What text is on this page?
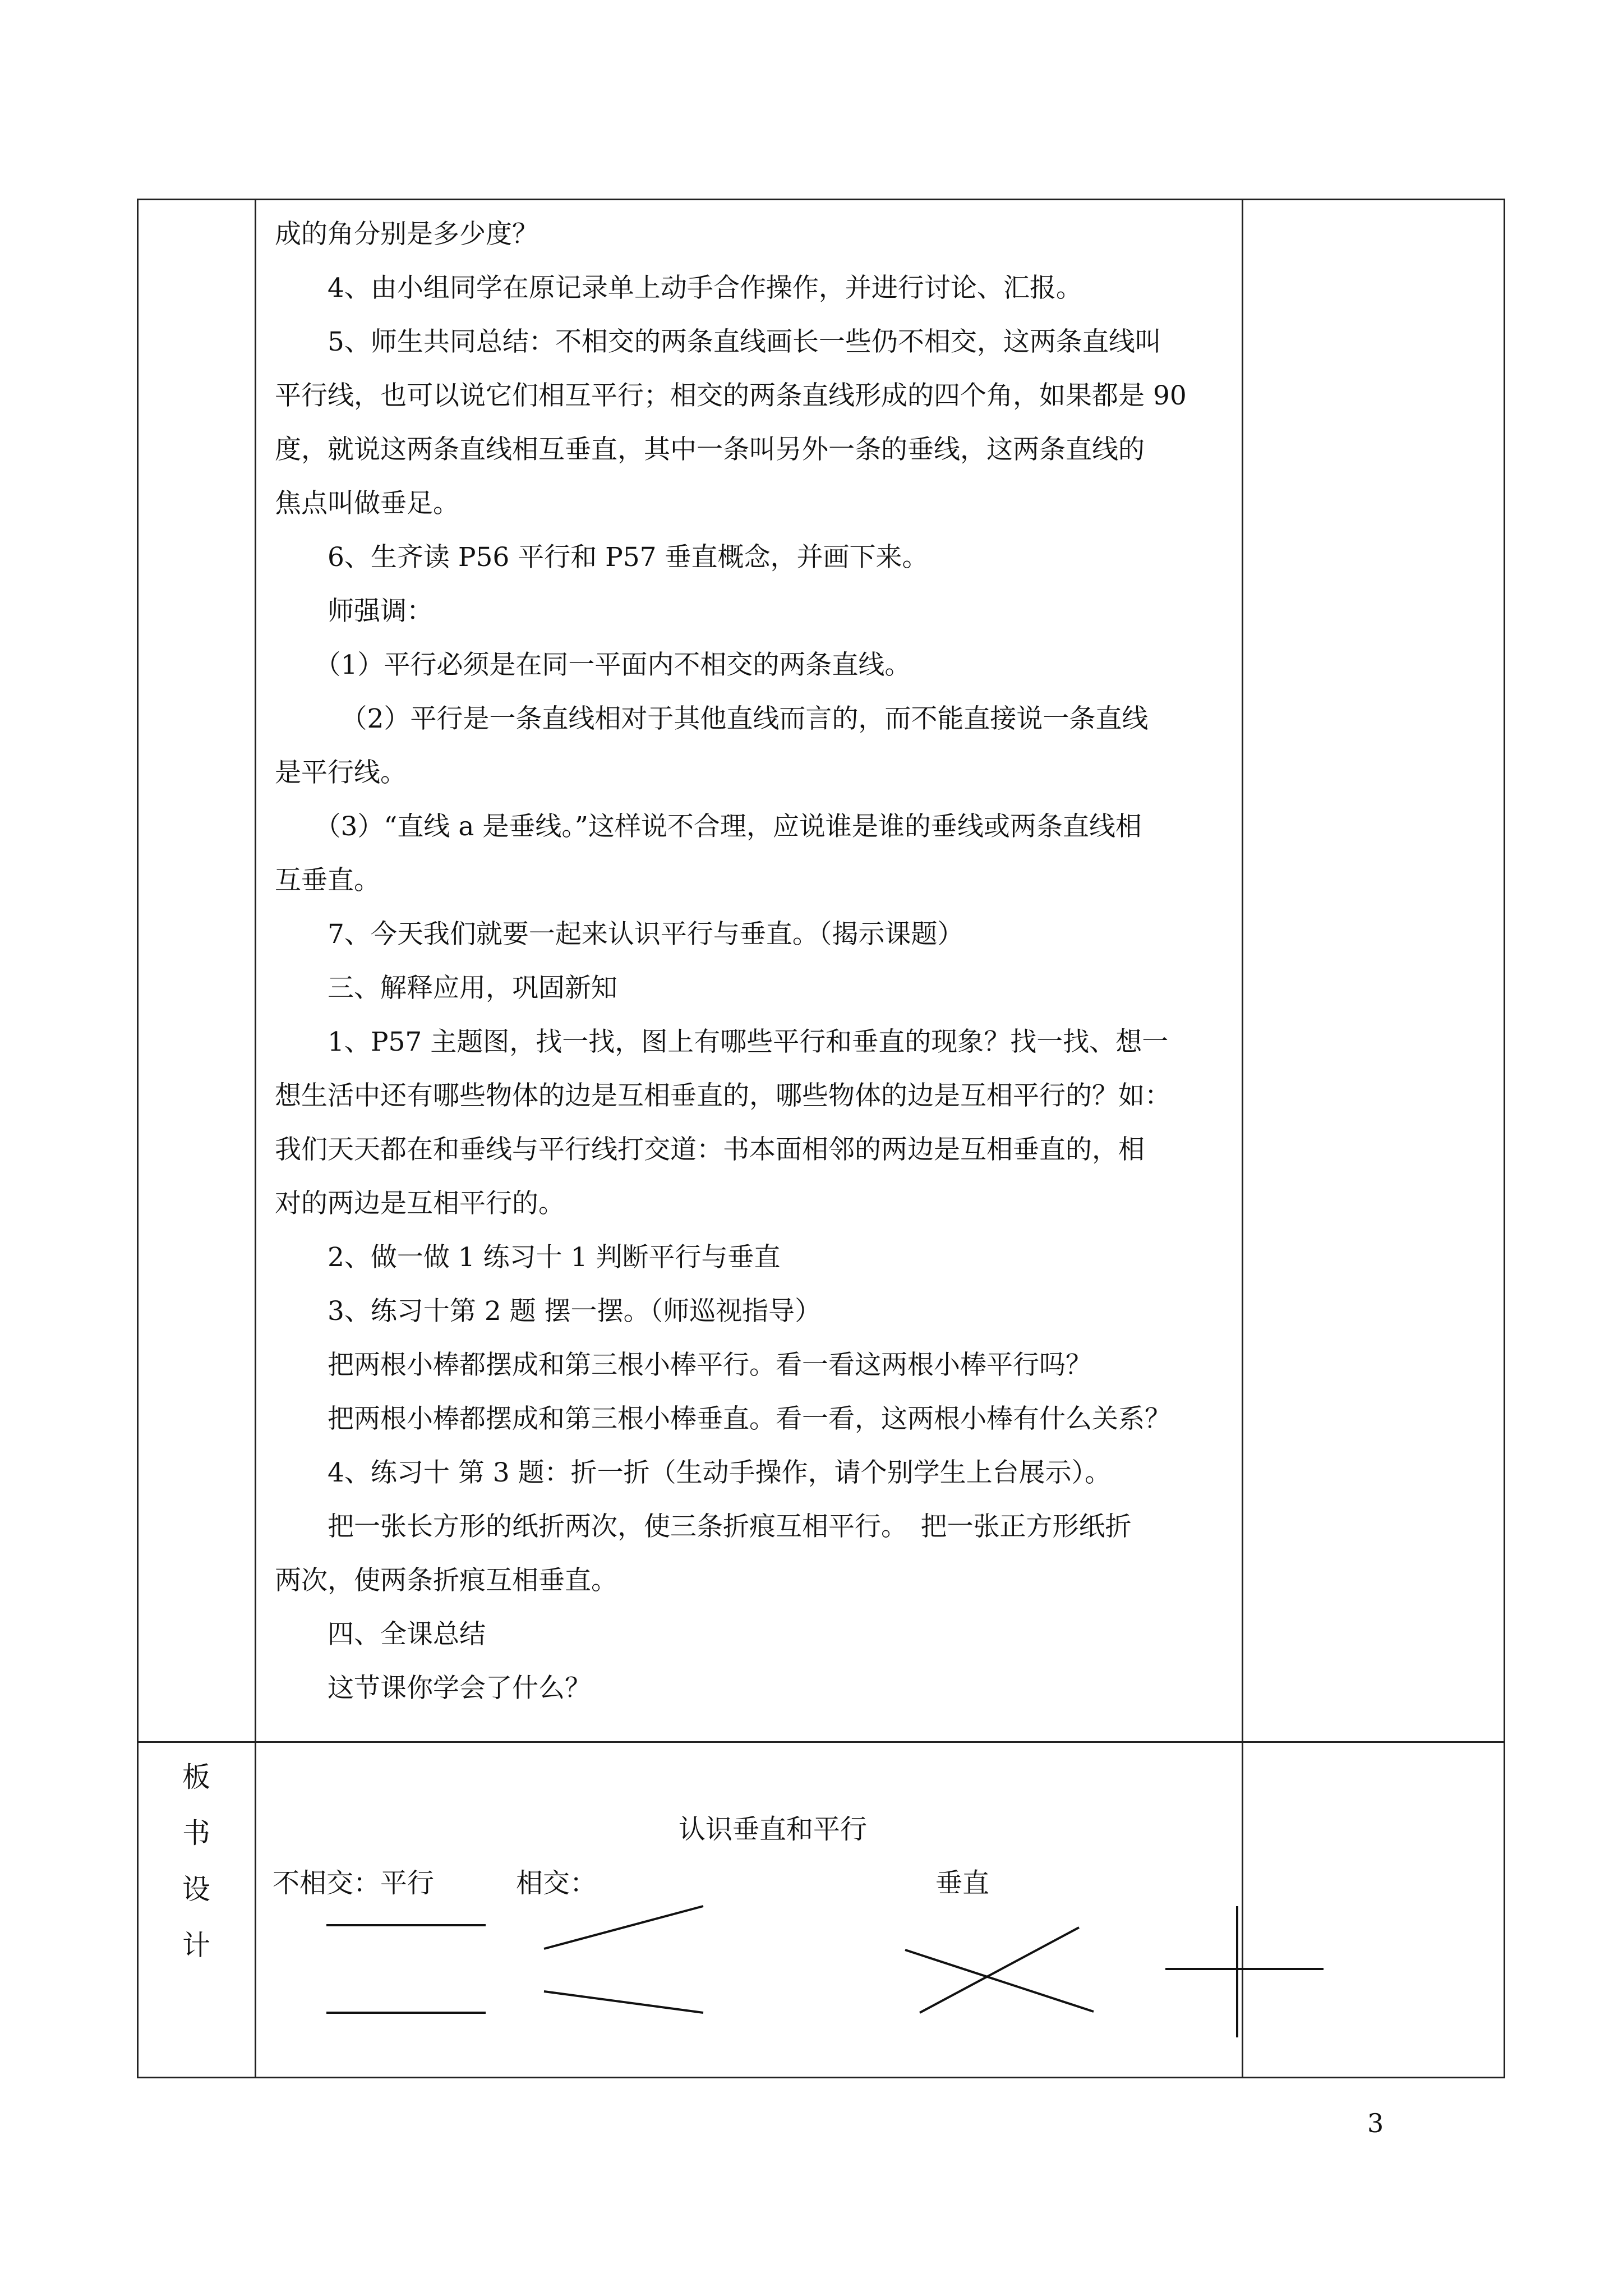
成的角分别是多少度？
　　4、由小组同学在原记录单上动手合作操作，并进行讨论、汇报。
　　5、师生共同总结：不相交的两条直线画长一些仍不相交，这两条直线叫
平行线，也可以说它们相互平行；相交的两条直线形成的四个角，如果都是 90
度，就说这两条直线相互垂直，其中一条叫另外一条的垂线，这两条直线的
焦点叫做垂足。
　　6、生齐读 P56 平行和 P57 垂直概念，并画下来。
　　师强调：
　　（1）平行必须是在同一平面内不相交的两条直线。
　　　（2）平行是一条直线相对于其他直线而言的，而不能直接说一条直线
是平行线。
　　（3）“直线 a 是垂线。”这样说不合理，应说谁是谁的垂线或两条直线相
互垂直。
　　7、今天我们就要一起来认识平行与垂直。（揭示课题）
　　三、解释应用，巩固新知
　　1、P57 主题图，找一找，图上有哪些平行和垂直的现象？找一找、想一
想生活中还有哪些物体的边是互相垂直的，哪些物体的边是互相平行的？如：
我们天天都在和垂线与平行线打交道：书本面相邻的两边是互相垂直的，相
对的两边是互相平行的。
　　2、做一做 1 练习十 1 判断平行与垂直
　　3、练习十第 2 题 摆一摆。（师巡视指导）
　　把两根小棒都摆成和第三根小棒平行。看一看这两根小棒平行吗？
　　把两根小棒都摆成和第三根小棒垂直。看一看，这两根小棒有什么关系？
　　4、练习十 第 3 题：折一折（生动手操作，请个别学生上台展示）。
　　把一张长方形的纸折两次，使三条折痕互相平行。　把一张正方形纸折
两次，使两条折痕互相垂直。
　　四、全课总结
　　这节课你学会了什么？
板
书
设
计
认识垂直和平行
不相交：平行	相交：	垂直
3
